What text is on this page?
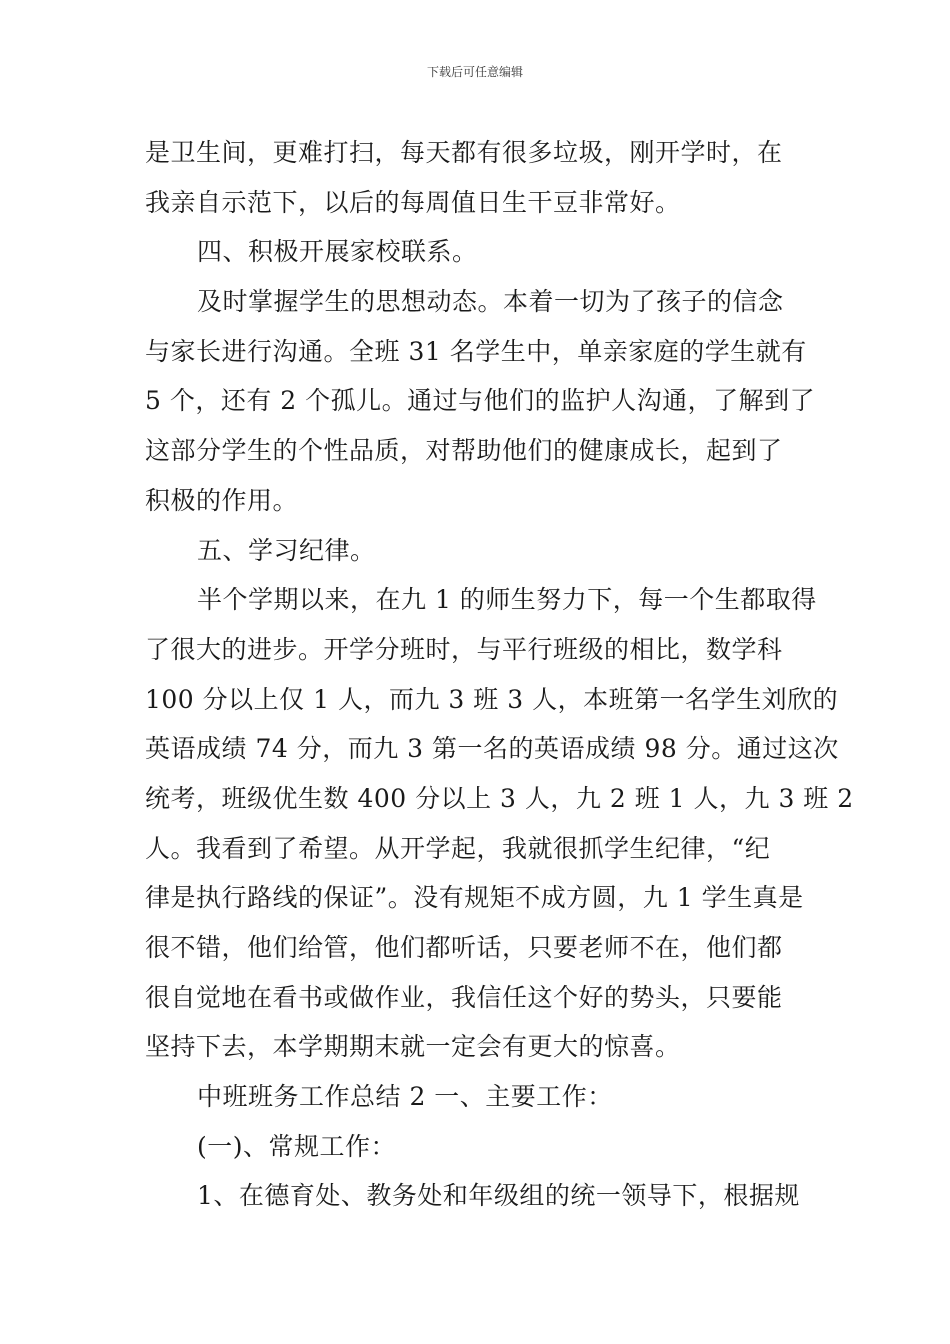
下载后可任意编辑
是卫生间，更难打扫，每天都有很多垃圾，刚开学时，在
我亲自示范下，以后的每周值日生干豆非常好。
四、积极开展家校联系。
及时掌握学生的思想动态。本着一切为了孩子的信念
与家长进行沟通。全班 31 名学生中，单亲家庭的学生就有
5 个，还有 2 个孤儿。通过与他们的监护人沟通，了解到了
这部分学生的个性品质，对帮助他们的健康成长，起到了
积极的作用。
五、学习纪律。
半个学期以来，在九 1 的师生努力下，每一个生都取得
了很大的进步。开学分班时，与平行班级的相比，数学科
100 分以上仅 1 人，而九 3 班 3 人，本班第一名学生刘欣的
英语成绩 74 分，而九 3 第一名的英语成绩 98 分。通过这次
统考，班级优生数 400 分以上 3 人，九 2 班 1 人，九 3 班 2
人。我看到了希望。从开学起，我就很抓学生纪律，“纪
律是执行路线的保证”。没有规矩不成方圆，九 1 学生真是
很不错，他们给管，他们都听话，只要老师不在，他们都
很自觉地在看书或做作业，我信任这个好的势头，只要能
坚持下去，本学期期末就一定会有更大的惊喜。
中班班务工作总结 2 一、主要工作：
(一)、常规工作：
1、在德育处、教务处和年级组的统一领导下，根据规
